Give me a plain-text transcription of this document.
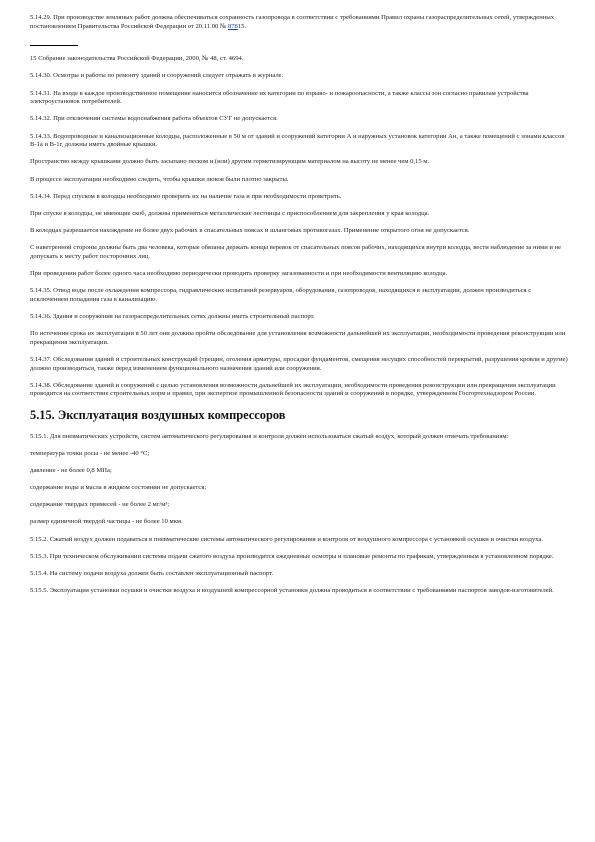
5.14.29. При производстве земляных работ должна обеспечиваться сохранность газопровода в соответствии с требованиями Правил охраны газораспределительных сетей, утвержденных постановлением Правительства Российской Федерации от 20.11.00 № 87815.

15 Собрание законодательства Российской Федерации, 2000, № 48, ст. 4694.

5.14.30. Осмотры и работы по ремонту зданий и сооружений следует отражать в журнале.

5.14.31. На входе в каждое производственное помещение наносится обозначение их категории по взрыво- и пожароопасности, а также классы зон согласно правилам устройства электроустановок потребителей.

5.14.32. При отключении системы водоснабжения работа объектов СУГ не допускается.

5.14.33. Водопроводные и канализационные колодцы, расположенные в 50 м от зданий и сооружений категории А и наружных установок категории Ан, а также помещений с зонами классов В-1а и В-1г, должны иметь двойные крышки.

Пространство между крышками должно быть засыпано песком и (или) другим герметизирующим материалом на высоту не менее чем 0,15 м.

В процессе эксплуатации необходимо следить, чтобы крышки люков были плотно закрыты.

5.14.34. Перед спуском в колодцы необходимо проверить их на наличие газа и при необходимости проветрить.

При спуске в колодцы, не имеющие скоб, должны применяться металлические лестницы с приспособлением для закрепления у края колодца.

В колодцах разрешается нахождение не более двух рабочих в спасательных поясах и шланговых противогазах. Применение открытого огня не допускается.

С наветренной стороны должны быть два человека, которые обязаны держать концы веревок от спасательных поясов рабочих, находящихся внутри колодца, вести наблюдение за ними и не допускать к месту работ посторонних лиц.

При проведении работ более одного часа необходимо периодически проводить проверку загазованности и при необходимости вентиляцию колодца.

5.14.35. Отвод воды после охлаждения компрессора, гидравлических испытаний резервуаров, оборудования, газопроводов, находящихся в эксплуатации, должен производиться с исключением попадания газа в канализацию.

5.14.36. Здания и сооружения на газораспределительных сетях должны иметь строительный паспорт.

По истечении срока их эксплуатации в 50 лет они должны пройти обследование для установления возможности дальнейшей их эксплуатации, необходимости проведения реконструкции или прекращения эксплуатации.

5.14.37. Обследования зданий и строительных конструкций (трещин, оголения арматуры, просадки фундаментов, смещения несущих способностей перекрытий, разрушения кровли и другие) должно производиться, также перед изменением функционального назначения зданий или сооружения.

5.14.38. Обследование зданий и сооружений с целью установления возможности дальнейшей их эксплуатации, необходимости проведения реконструкции или прекращения эксплуатации проводится на соответствие строительных норм и правил, при экспертизе промышленной безопасности зданий и сооружений в порядке, утвержденном Госгортехнадзором России.

5.15. Эксплуатация воздушных компрессоров

5.15.1. Для пневматических устройств, систем автоматического регулирования и контроля должен использоваться сжатый воздух, который должен отвечать требованиям:

температура точки росы - не менее -40 °С;

давление - не более 0,8 МПа;

содержание воды и масла в жидком состоянии не допускается;

содержание твердых примесей - не более 2 мг/м³;

размер единичной твердой частицы - не более 10 мкм.

5.15.2. Сжатый воздух должен подаваться в пневматические системы автоматического регулирования и контроля от воздушного компрессора с установкой осушки и очистки воздуха.

5.15.3. При техническом обслуживании системы подачи сжатого воздуха производится ежедневные осмотры и плановые ремонты по графикам, утвержденным в установленном порядке.

5.15.4. На систему подачи воздуха должен быть составлен эксплуатационный паспорт.

5.15.5. Эксплуатация установки осушки и очистки воздуха и воздушной компрессорной установки должна проводиться в соответствии с требованиями паспортов заводов-изготовителей.
